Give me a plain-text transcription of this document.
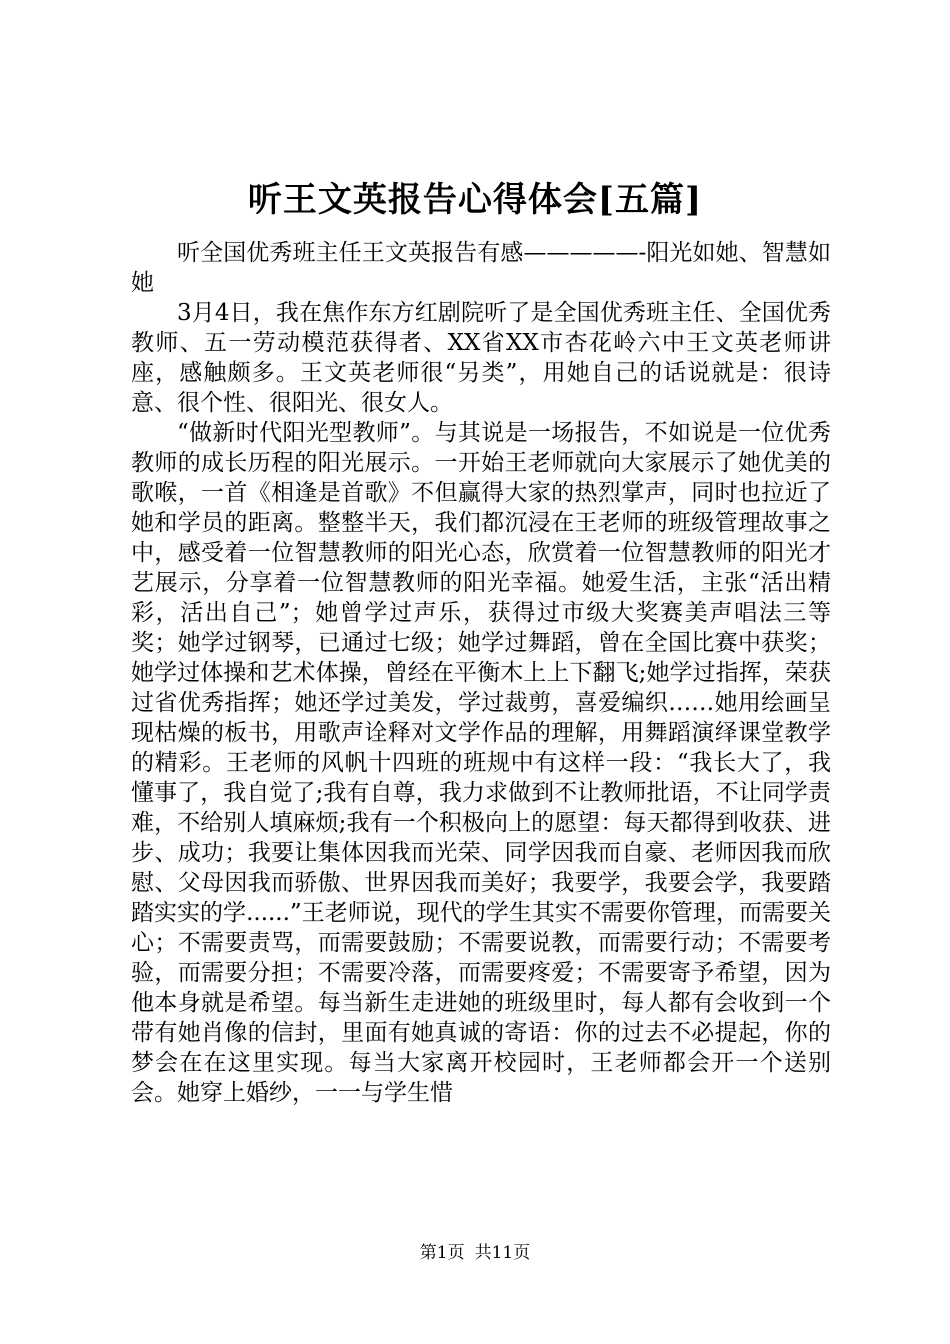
听王文英报告心得体会[五篇]

听全国优秀班主任王文英报告有感—————-阳光如她、智慧如她

3月4日，我在焦作东方红剧院听了是全国优秀班主任、全国优秀教师、五一劳动模范获得者、XX省XX市杏花岭六中王文英老师讲座，感触颇多。王文英老师很“另类”，用她自己的话说就是：很诗意、很个性、很阳光、很女人。

“做新时代阳光型教师”。与其说是一场报告，不如说是一位优秀教师的成长历程的阳光展示。一开始王老师就向大家展示了她优美的歌喉，一首《相逢是首歌》不但赢得大家的热烈掌声，同时也拉近了她和学员的距离。整整半天，我们都沉浸在王老师的班级管理故事之中，感受着一位智慧教师的阳光心态，欣赏着一位智慧教师的阳光才艺展示，分享着一位智慧教师的阳光幸福。她爱生活，主张“活出精彩，活出自己”；她曾学过声乐，获得过市级大奖赛美声唱法三等奖；她学过钢琴，已通过七级；她学过舞蹈，曾在全国比赛中获奖；她学过体操和艺术体操，曾经在平衡木上上下翻飞;她学过指挥，荣获过省优秀指挥；她还学过美发，学过裁剪，喜爱编织……她用绘画呈现枯燥的板书，用歌声诠释对文学作品的理解，用舞蹈演绎课堂教学的精彩。王老师的风帆十四班的班规中有这样一段：“我长大了，我懂事了，我自觉了;我有自尊，我力求做到不让教师批语，不让同学责难，不给别人填麻烦;我有一个积极向上的愿望：每天都得到收获、进步、成功；我要让集体因我而光荣、同学因我而自豪、老师因我而欣慰、父母因我而骄傲、世界因我而美好；我要学，我要会学，我要踏踏实实的学......”王老师说，现代的学生其实不需要你管理，而需要关心；不需要责骂，而需要鼓励；不需要说教，而需要行动；不需要考验，而需要分担；不需要冷落，而需要疼爱；不需要寄予希望，因为他本身就是希望。每当新生走进她的班级里时，每人都有会收到一个带有她肖像的信封，里面有她真诚的寄语：你的过去不必提起，你的梦会在在这里实现。每当大家离开校园时，王老师都会开一个送别会。她穿上婚纱，一一与学生惜

第1页 共11页
